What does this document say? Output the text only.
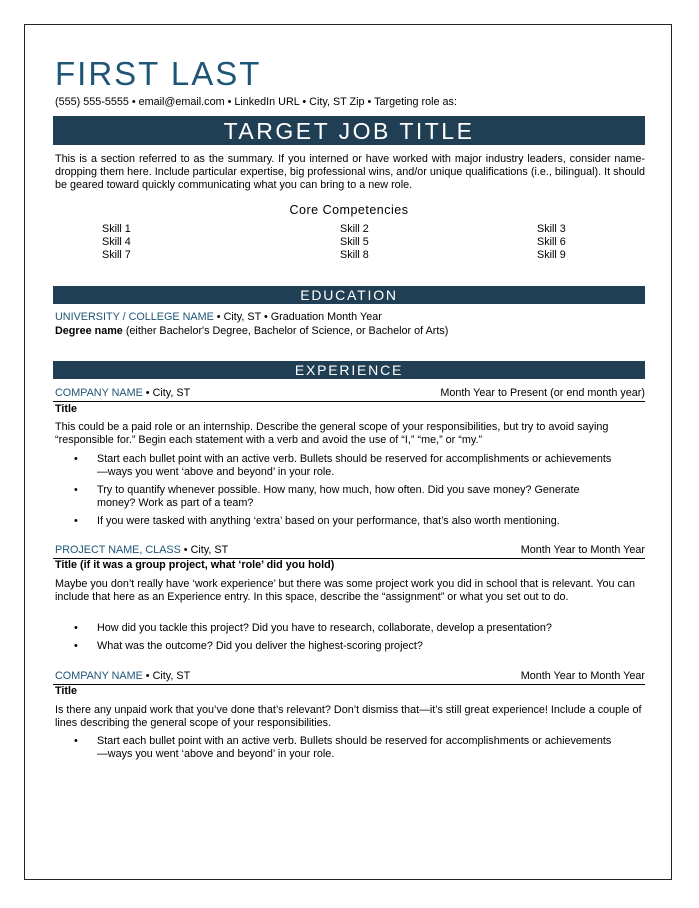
FIRST LAST
(555) 555-5555 • email@email.com • LinkedIn URL • City, ST Zip • Targeting role as:
TARGET JOB TITLE
This is a section referred to as the summary. If you interned or have worked with major industry leaders, consider name-dropping them here. Include particular expertise, big professional wins, and/or unique qualifications (i.e., bilingual). It should be geared toward quickly communicating what you can bring to a new role.
Core Competencies
Skill 1	Skill 2	Skill 3
Skill 4	Skill 5	Skill 6
Skill 7	Skill 8	Skill 9
EDUCATION
UNIVERSITY / COLLEGE NAME • City, ST • Graduation Month Year
Degree name (either Bachelor's Degree, Bachelor of Science, or Bachelor of Arts)
EXPERIENCE
COMPANY NAME • City, ST	Month Year to Present (or end month year)
Title
This could be a paid role or an internship. Describe the general scope of your responsibilities, but try to avoid saying “responsible for.” Begin each statement with a verb and avoid the use of “I,” “me,” or “my.”
• Start each bullet point with an active verb. Bullets should be reserved for accomplishments or achievements—ways you went ‘above and beyond’ in your role.
• Try to quantify whenever possible. How many, how much, how often. Did you save money? Generate money? Work as part of a team?
• If you were tasked with anything ‘extra’ based on your performance, that’s also worth mentioning.
PROJECT NAME, CLASS • City, ST	Month Year to Month Year
Title (if it was a group project, what ‘role’ did you hold)
Maybe you don’t really have ‘work experience’ but there was some project work you did in school that is relevant. You can include that here as an Experience entry. In this space, describe the “assignment” or what you set out to do.
• How did you tackle this project? Did you have to research, collaborate, develop a presentation?
• What was the outcome? Did you deliver the highest-scoring project?
COMPANY NAME • City, ST	Month Year to Month Year
Title
Is there any unpaid work that you’ve done that’s relevant? Don’t dismiss that—it’s still great experience! Include a couple of lines describing the general scope of your responsibilities.
• Start each bullet point with an active verb. Bullets should be reserved for accomplishments or achievements—ways you went ‘above and beyond’ in your role.
